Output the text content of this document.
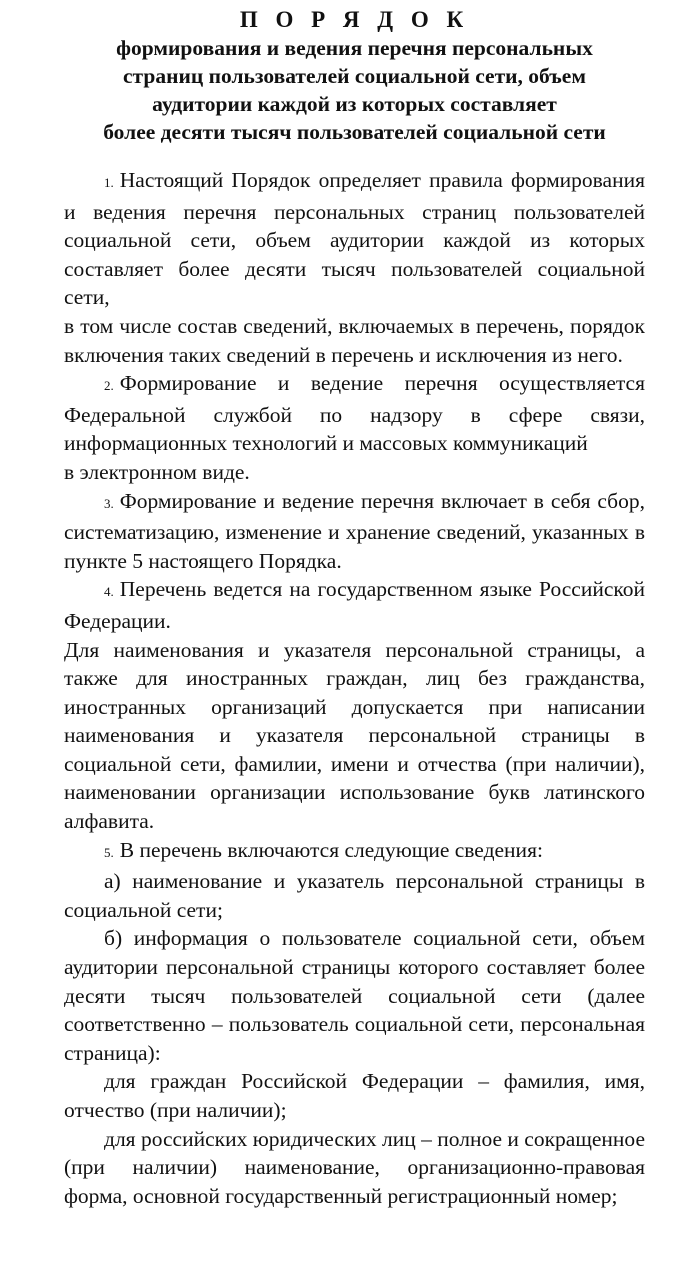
П О Р Я Д О К
формирования и ведения перечня персональных
страниц пользователей социальной сети, объем
аудитории каждой из которых составляет
более десяти тысяч пользователей социальной сети

1. Настоящий Порядок определяет правила формирования и ведения перечня персональных страниц пользователей социальной сети, объем аудитории каждой из которых составляет более десяти тысяч пользователей социальной сети,

в том числе состав сведений, включаемых в перечень, порядок включения таких сведений в перечень и исключения из него.

2. Формирование и ведение перечня осуществляется Федеральной службой по надзору в сфере связи, информационных технологий и массовых коммуникаций

в электронном виде.

3. Формирование и ведение перечня включает в себя сбор, систематизацию, изменение и хранение сведений, указанных в пункте 5 настоящего Порядка.

4. Перечень ведется на государственном языке Российской Федерации.

Для наименования и указателя персональной страницы, а также для иностранных граждан, лиц без гражданства, иностранных организаций допускается при написании наименования и указателя персональной страницы в социальной сети, фамилии, имени и отчества (при наличии), наименовании организации использование букв латинского алфавита.

5. В перечень включаются следующие сведения:

а) наименование и указатель персональной страницы в социальной сети;

б) информация о пользователе социальной сети, объем аудитории персональной страницы которого составляет более десяти тысяч пользователей социальной сети (далее соответственно – пользователь социальной сети, персональная страница):

для граждан Российской Федерации – фамилия, имя, отчество (при наличии);

для российских юридических лиц – полное и сокращенное (при наличии) наименование, организационно-правовая форма, основной государственный регистрационный номер;
